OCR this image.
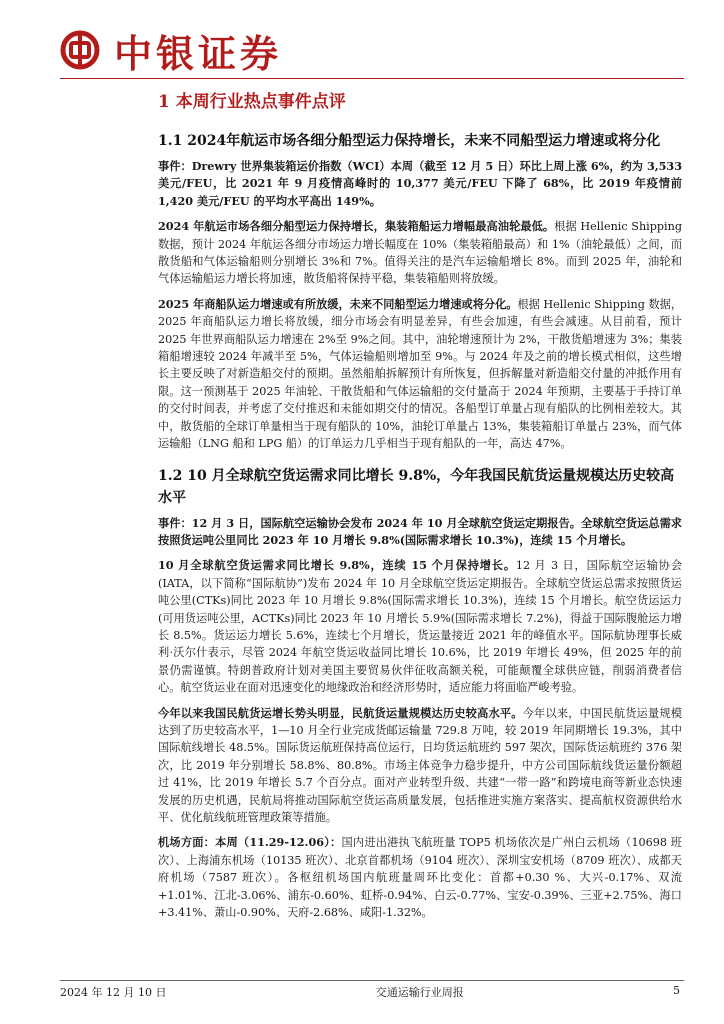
中银证券
1 本周行业热点事件点评
1.1 2024年航运市场各细分船型运力保持增长，未来不同船型运力增速或将分化

事件：Drewry 世界集装箱运价指数（WCI）本周（截至 12 月 5 日）环比上周上涨 6%，约为 3,533 美元/FEU，比 2021 年 9 月疫情高峰时的 10,377 美元/FEU 下降了 68%，比 2019 年疫情前 1,420 美元/FEU 的平均水平高出 149%。

2024 年航运市场各细分船型运力保持增长，集装箱船运力增幅最高油轮最低。根据 Hellenic Shipping 数据，预计 2024 年航运各细分市场运力增长幅度在 10%（集装箱船最高）和 1%（油轮最低）之间，而散货船和气体运输船则分别增长 3%和 7%。值得关注的是汽车运输船增长 8%。而到 2025 年，油轮和气体运输船运力增长将加速，散货船将保持平稳，集装箱船则将放缓。

2025 年商船队运力增速或有所放缓，未来不同船型运力增速或将分化。根据 Hellenic Shipping 数据，2025 年商船队运力增长将放缓，细分市场会有明显差异，有些会加速，有些会减速。从目前看，预计 2025 年世界商船队运力增速在 2%至 9%之间。其中，油轮增速预计为 2%，干散货船增速为 3%；集装箱船增速较 2024 年减半至 5%，气体运输船则增加至 9%。与 2024 年及之前的增长模式相似，这些增长主要反映了对新造船交付的预期。虽然船舶拆解预计有所恢复，但拆解量对新造船交付量的冲抵作用有限。这一预测基于 2025 年油轮、干散货船和气体运输船的交付量高于 2024 年预期，主要基于手持订单的交付时间表，并考虑了交付推迟和未能如期交付的情况。各船型订单量占现有船队的比例相差较大。其中，散货船的全球订单量相当于现有船队的 10%，油轮订单量占 13%，集装箱船订单量占 23%，而气体运输船（LNG 船和 LPG 船）的订单运力几乎相当于现有船队的一年，高达 47%。

1.2 10 月全球航空货运需求同比增长 9.8%，今年我国民航货运量规模达历史较高水平

事件：12 月 3 日，国际航空运输协会发布 2024 年 10 月全球航空货运定期报告。全球航空货运总需求按照货运吨公里同比 2023 年 10 月增长 9.8%(国际需求增长 10.3%)，连续 15 个月增长。

10 月全球航空货运需求同比增长 9.8%，连续 15 个月保持增长。12 月 3 日，国际航空运输协会(IATA，以下简称“国际航协”)发布 2024 年 10 月全球航空货运定期报告。全球航空货运总需求按照货运吨公里(CTKs)同比 2023 年 10 月增长 9.8%(国际需求增长 10.3%)，连续 15 个月增长。航空货运运力(可用货运吨公里，ACTKs)同比 2023 年 10 月增长 5.9%(国际需求增长 7.2%)，得益于国际腹舱运力增长 8.5%。货运运力增长 5.6%，连续七个月增长，货运量接近 2021 年的峰值水平。国际航协理事长威利·沃尔什表示，尽管 2024 年航空货运收益同比增长 10.6%，比 2019 年增长 49%，但 2025 年的前景仍需谨慎。特朗普政府计划对美国主要贸易伙伴征收高额关税，可能颠覆全球供应链，削弱消费者信心。航空货运业在面对迅速变化的地缘政治和经济形势时，适应能力将面临严峻考验。

今年以来我国民航货运增长势头明显，民航货运量规模达历史较高水平。今年以来，中国民航货运量规模达到了历史较高水平，1—10 月全行业完成货邮运输量 729.8 万吨，较 2019 年同期增长 19.3%，其中国际航线增长 48.5%。国际货运航班保持高位运行，日均货运航班约 597 架次，国际货运航班约 376 架次，比 2019 年分别增长 58.8%、80.8%。市场主体竞争力稳步提升，中方公司国际航线货运量份额超过 41%，比 2019 年增长 5.7 个百分点。面对产业转型升级、共建“一带一路”和跨境电商等新业态快速发展的历史机遇，民航局将推动国际航空货运高质量发展，包括推进实施方案落实、提高航权资源供给水平、优化航线航班管理政策等措施。

机场方面：本周（11.29-12.06）：国内进出港执飞航班量 TOP5 机场依次是广州白云机场（10698 班次）、上海浦东机场（10135 班次）、北京首都机场（9104 班次）、深圳宝安机场（8709 班次）、成都天府机场（7587 班次）。各枢纽机场国内航班量周环比变化：首都+0.30 %、大兴-0.17%、双流+1.01%、江北-3.06%、浦东-0.60%、虹桥-0.94%、白云-0.77%、宝安-0.39%、三亚+2.75%、海口+3.41%、萧山-0.90%、天府-2.68%、咸阳-1.32%。

2024 年 12 月 10 日	交通运输行业周报	5
